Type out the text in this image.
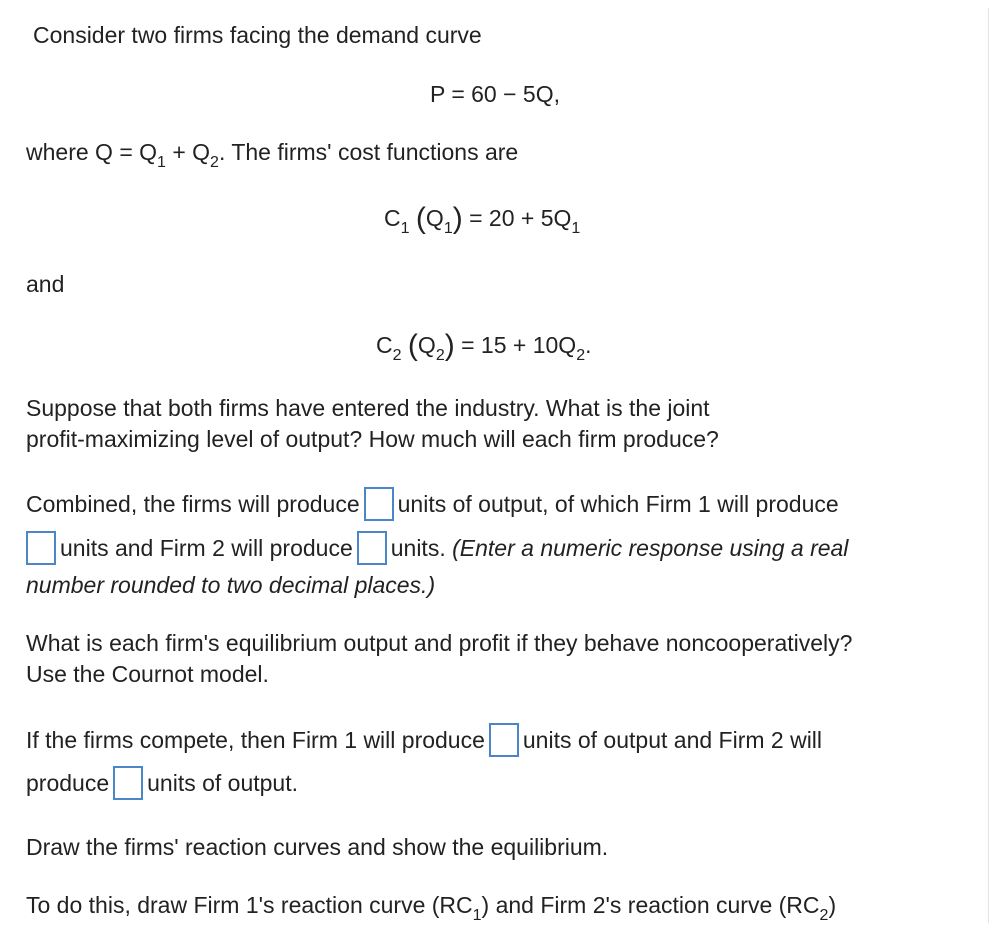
Consider two firms facing the demand curve
P = 60 − 5Q,
where $Q = Q_1 + Q_2$. The firms' cost functions are
$C_1$ $(Q_1) = 20 + 5Q_1$
and
$C_2$ $(Q_2) = 15 + 10Q_2$.
Suppose that both firms have entered the industry. What is the joint
profit-maximizing level of output? How much will each firm produce?
Combined, the firms will produce units of output, of which Firm 1 will produce
units and Firm 2 will produce units. (Enter a numeric response using a real
number rounded to two decimal places.)
What is each firm's equilibrium output and profit if they behave noncooperatively?
Use the Cournot model.
If the firms compete, then Firm 1 will produce units of output and Firm 2 will
produce units of output.
Draw the firms' reaction curves and show the equilibrium.
To do this, draw Firm 1's reaction curve $(RC_1)$ and Firm 2's reaction curve $(RC_2)$
